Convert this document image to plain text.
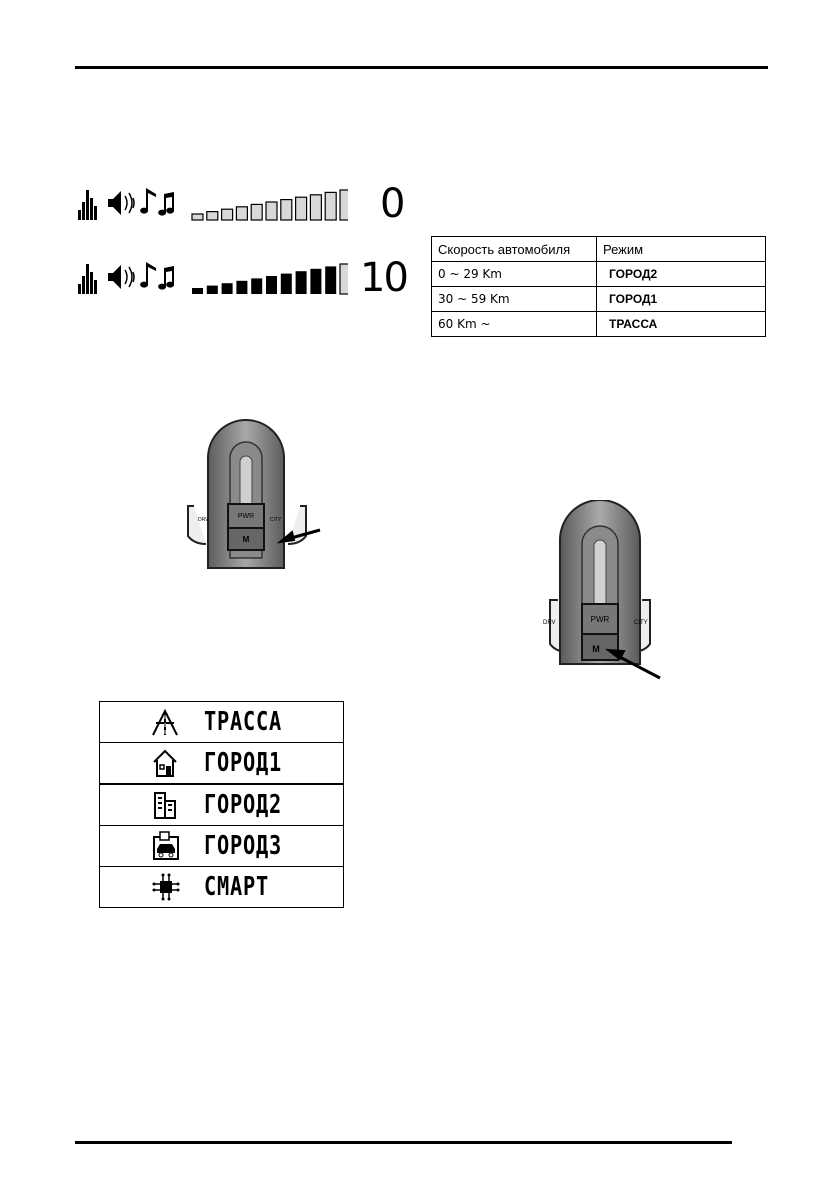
0
10
Скорость автомобиля	Режим
0 ~ 29 Km	ГОРОД2
30 ~ 59 Km	ГОРОД1
60 Km ~	ТРАССА
PWR
M
DRV	CITY
PWR
M
DRV	CITY
ТРАССА
ГОРОД1
ГОРОД2
ГОРОД3
СМАРТ
